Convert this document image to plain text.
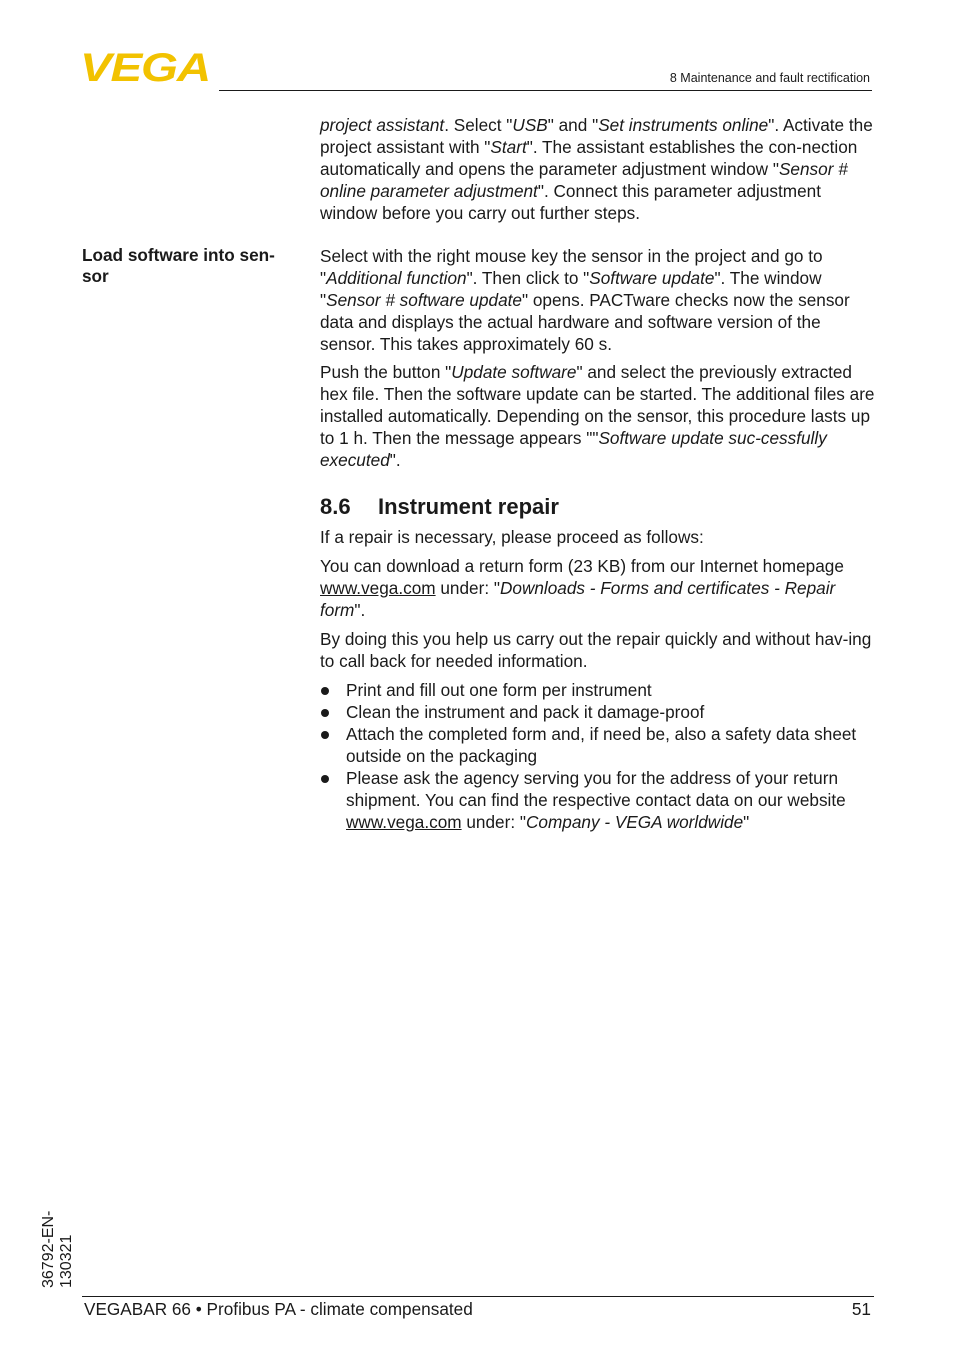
VEGA	8 Maintenance and fault rectification

project assistant. Select "USB" and "Set instruments online". Activate the project assistant with "Start". The assistant establishes the con-nection automatically and opens the parameter adjustment window "Sensor # online parameter adjustment". Connect this parameter adjustment window before you carry out further steps.

Load software into sen-sor

Select with the right mouse key the sensor in the project and go to "Additional function". Then click to "Software update". The window "Sensor # software update" opens. PACTware checks now the sensor data and displays the actual hardware and software version of the sensor. This takes approximately 60 s.

Push the button "Update software" and select the previously extracted hex file. Then the software update can be started. The additional files are installed automatically. Depending on the sensor, this procedure lasts up to 1 h. Then the message appears ""Software update suc-cessfully executed".

8.6 Instrument repair

If a repair is necessary, please proceed as follows:

You can download a return form (23 KB) from our Internet homepage www.vega.com under: "Downloads - Forms and certificates - Repair form".

By doing this you help us carry out the repair quickly and without hav-ing to call back for needed information.

Print and fill out one form per instrument
Clean the instrument and pack it damage-proof
Attach the completed form and, if need be, also a safety data sheet outside on the packaging
Please ask the agency serving you for the address of your return shipment. You can find the respective contact data on our website www.vega.com under: "Company - VEGA worldwide"
36792-EN-130321
VEGABAR 66 • Profibus PA - climate compensated	51
